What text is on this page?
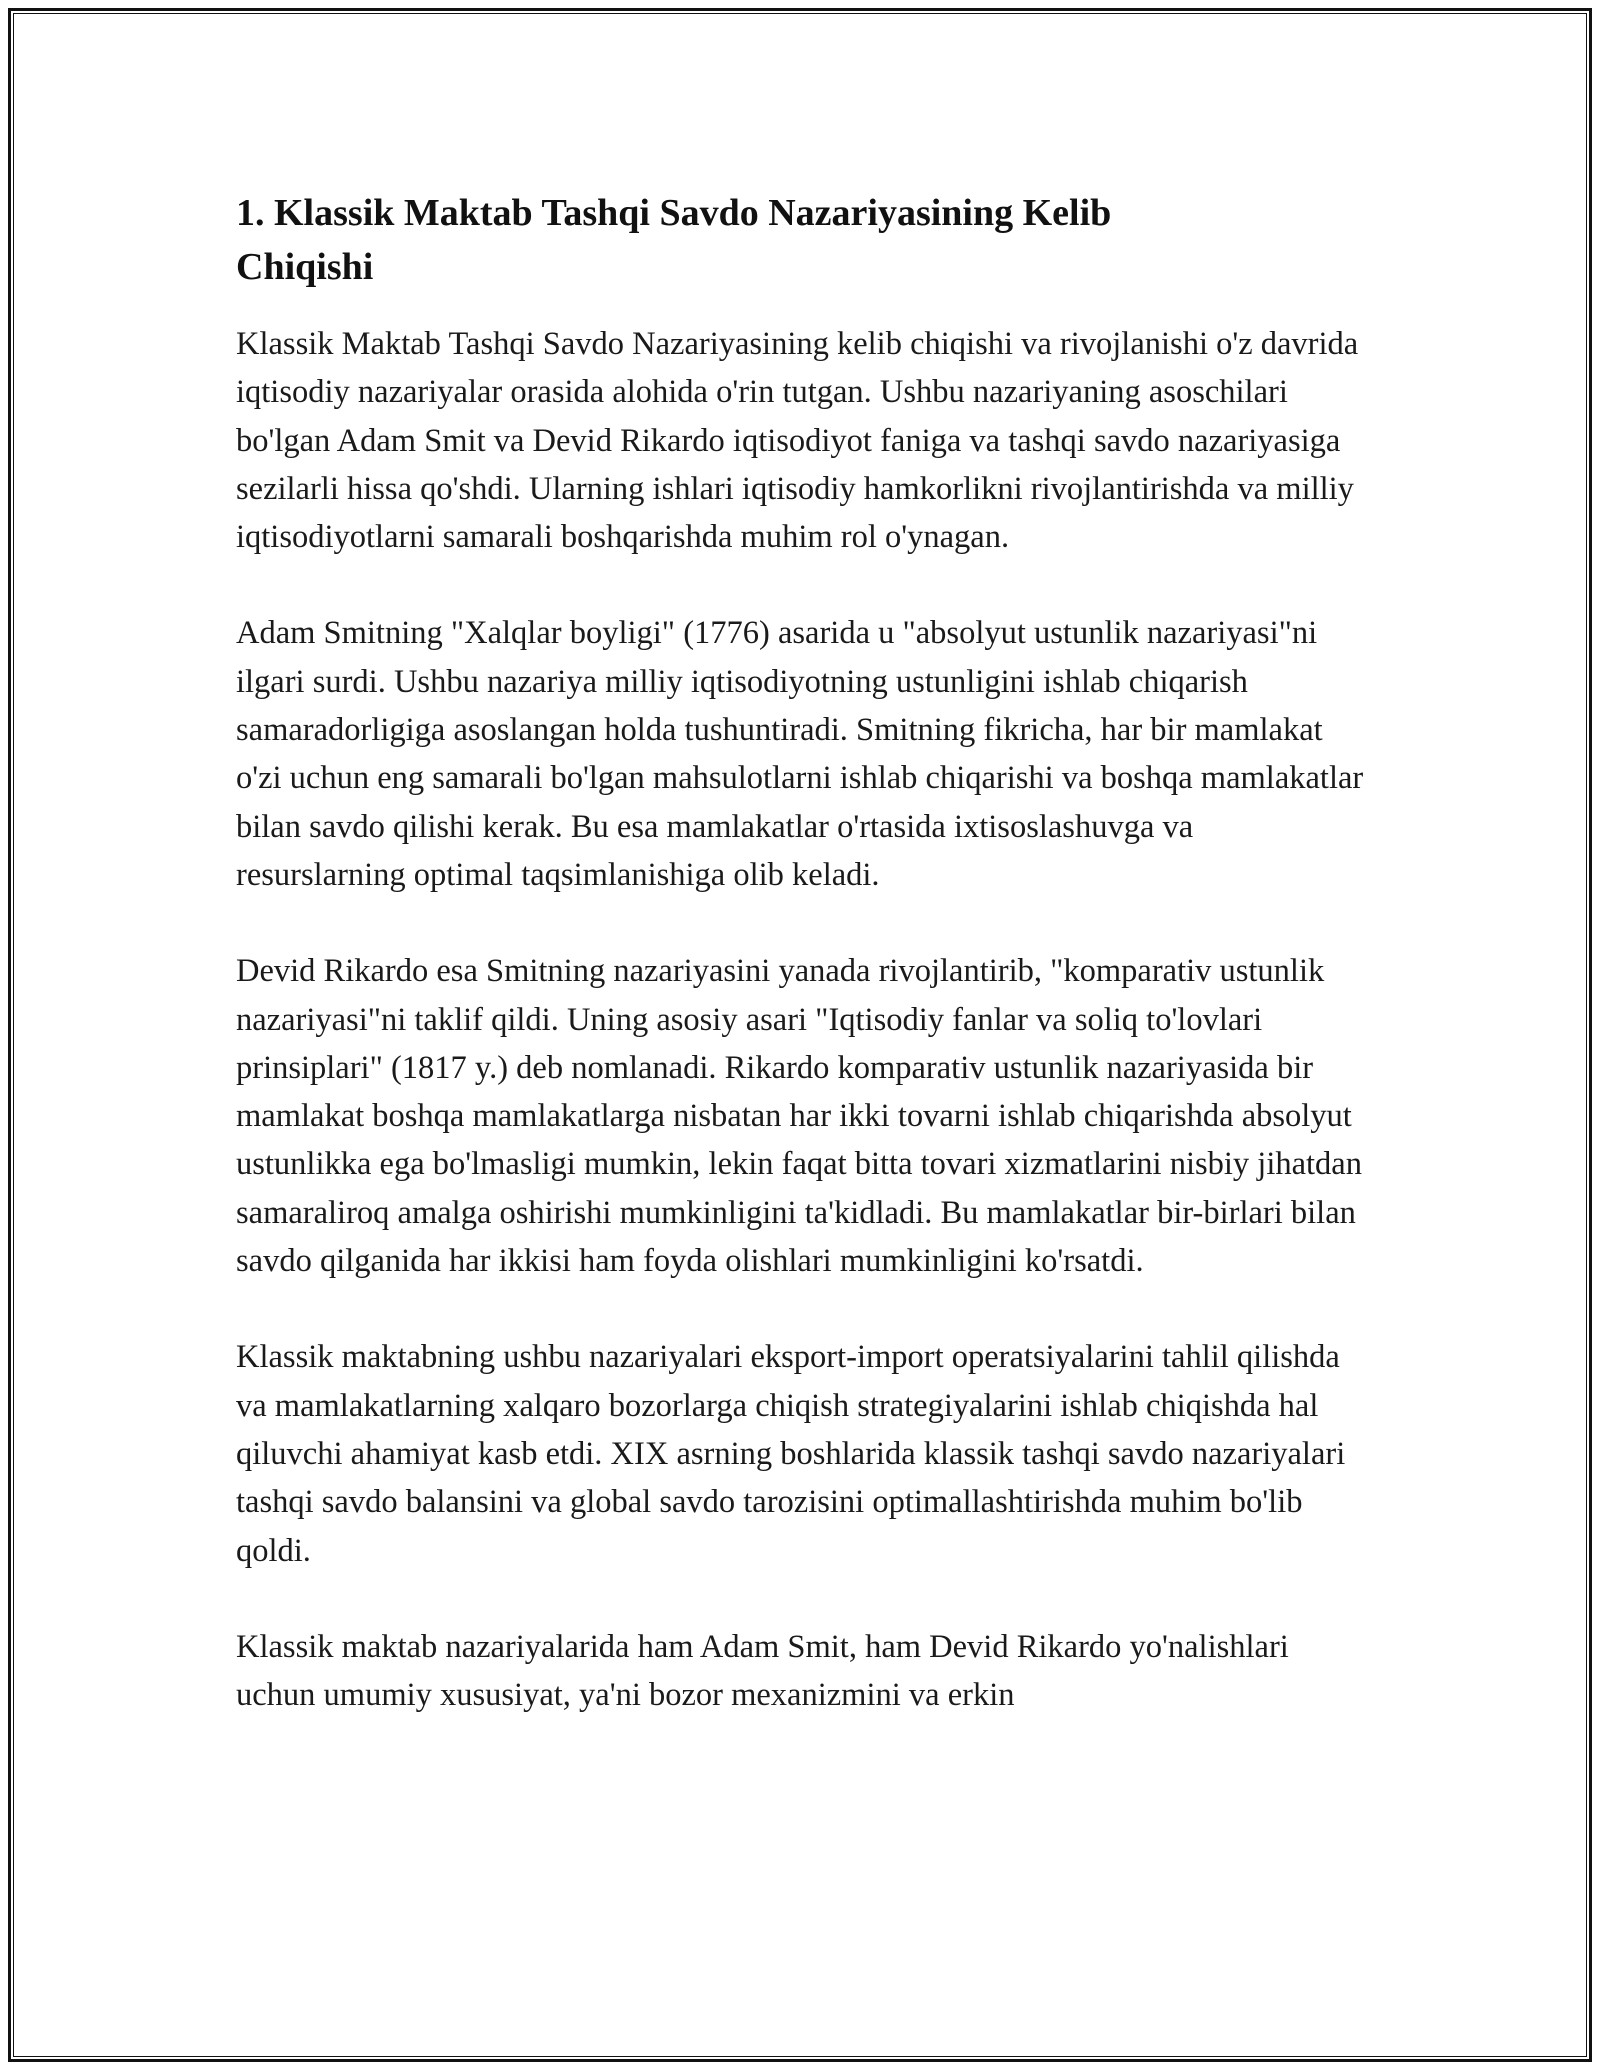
1. Klassik Maktab Tashqi Savdo Nazariyasining Kelib Chiqishi

Klassik Maktab Tashqi Savdo Nazariyasining kelib chiqishi va rivojlanishi o'z davrida iqtisodiy nazariyalar orasida alohida o'rin tutgan. Ushbu nazariyaning asoschilari bo'lgan Adam Smit va Devid Rikardo iqtisodiyot faniga va tashqi savdo nazariyasiga sezilarli hissa qo'shdi. Ularning ishlari iqtisodiy hamkorlikni rivojlantirishda va milliy iqtisodiyotlarni samarali boshqarishda muhim rol o'ynagan.

Adam Smitning "Xalqlar boyligi" (1776) asarida u "absolyut ustunlik nazariyasi"ni ilgari surdi. Ushbu nazariya milliy iqtisodiyotning ustunligini ishlab chiqarish samaradorligiga asoslangan holda tushuntiradi. Smitning fikricha, har bir mamlakat o'zi uchun eng samarali bo'lgan mahsulotlarni ishlab chiqarishi va boshqa mamlakatlar bilan savdo qilishi kerak. Bu esa mamlakatlar o'rtasida ixtisoslashuvga va resurslarning optimal taqsimlanishiga olib keladi.

Devid Rikardo esa Smitning nazariyasini yanada rivojlantirib, "komparativ ustunlik nazariyasi"ni taklif qildi. Uning asosiy asari "Iqtisodiy fanlar va soliq to'lovlari prinsiplari" (1817 y.) deb nomlanadi. Rikardo komparativ ustunlik nazariyasida bir mamlakat boshqa mamlakatlarga nisbatan har ikki tovarni ishlab chiqarishda absolyut ustunlikka ega bo'lmasligi mumkin, lekin faqat bitta tovari xizmatlarini nisbiy jihatdan samaraliroq amalga oshirishi mumkinligini ta'kidladi. Bu mamlakatlar bir-birlari bilan savdo qilganida har ikkisi ham foyda olishlari mumkinligini ko'rsatdi.

Klassik maktabning ushbu nazariyalari eksport-import operatsiyalarini tahlil qilishda va mamlakatlarning xalqaro bozorlarga chiqish strategiyalarini ishlab chiqishda hal qiluvchi ahamiyat kasb etdi. XIX asrning boshlarida klassik tashqi savdo nazariyalari tashqi savdo balansini va global savdo tarozisini optimallashtirishda muhim bo'lib qoldi.

Klassik maktab nazariyalarida ham Adam Smit, ham Devid Rikardo yo'nalishlari uchun umumiy xususiyat, ya'ni bozor mexanizmini va erkin
